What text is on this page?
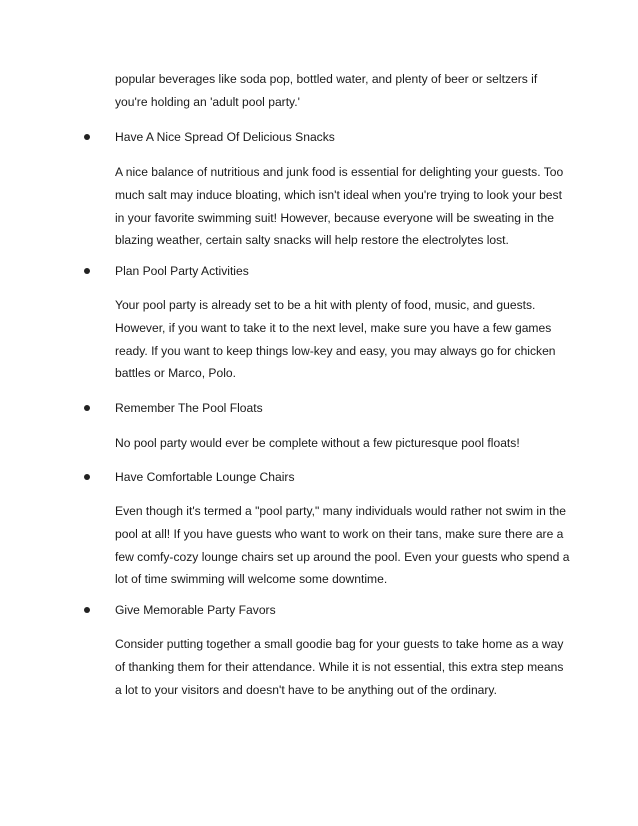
popular beverages like soda pop, bottled water, and plenty of beer or seltzers if
you're holding an 'adult pool party.'
Have A Nice Spread Of Delicious Snacks
A nice balance of nutritious and junk food is essential for delighting your guests. Too
much salt may induce bloating, which isn't ideal when you're trying to look your best
in your favorite swimming suit! However, because everyone will be sweating in the
blazing weather, certain salty snacks will help restore the electrolytes lost.
Plan Pool Party Activities
Your pool party is already set to be a hit with plenty of food, music, and guests.
However, if you want to take it to the next level, make sure you have a few games
ready. If you want to keep things low-key and easy, you may always go for chicken
battles or Marco, Polo.
Remember The Pool Floats
No pool party would ever be complete without a few picturesque pool floats!
Have Comfortable Lounge Chairs
Even though it's termed a "pool party," many individuals would rather not swim in the
pool at all! If you have guests who want to work on their tans, make sure there are a
few comfy-cozy lounge chairs set up around the pool. Even your guests who spend a
lot of time swimming will welcome some downtime.
Give Memorable Party Favors
Consider putting together a small goodie bag for your guests to take home as a way
of thanking them for their attendance. While it is not essential, this extra step means
a lot to your visitors and doesn't have to be anything out of the ordinary.
